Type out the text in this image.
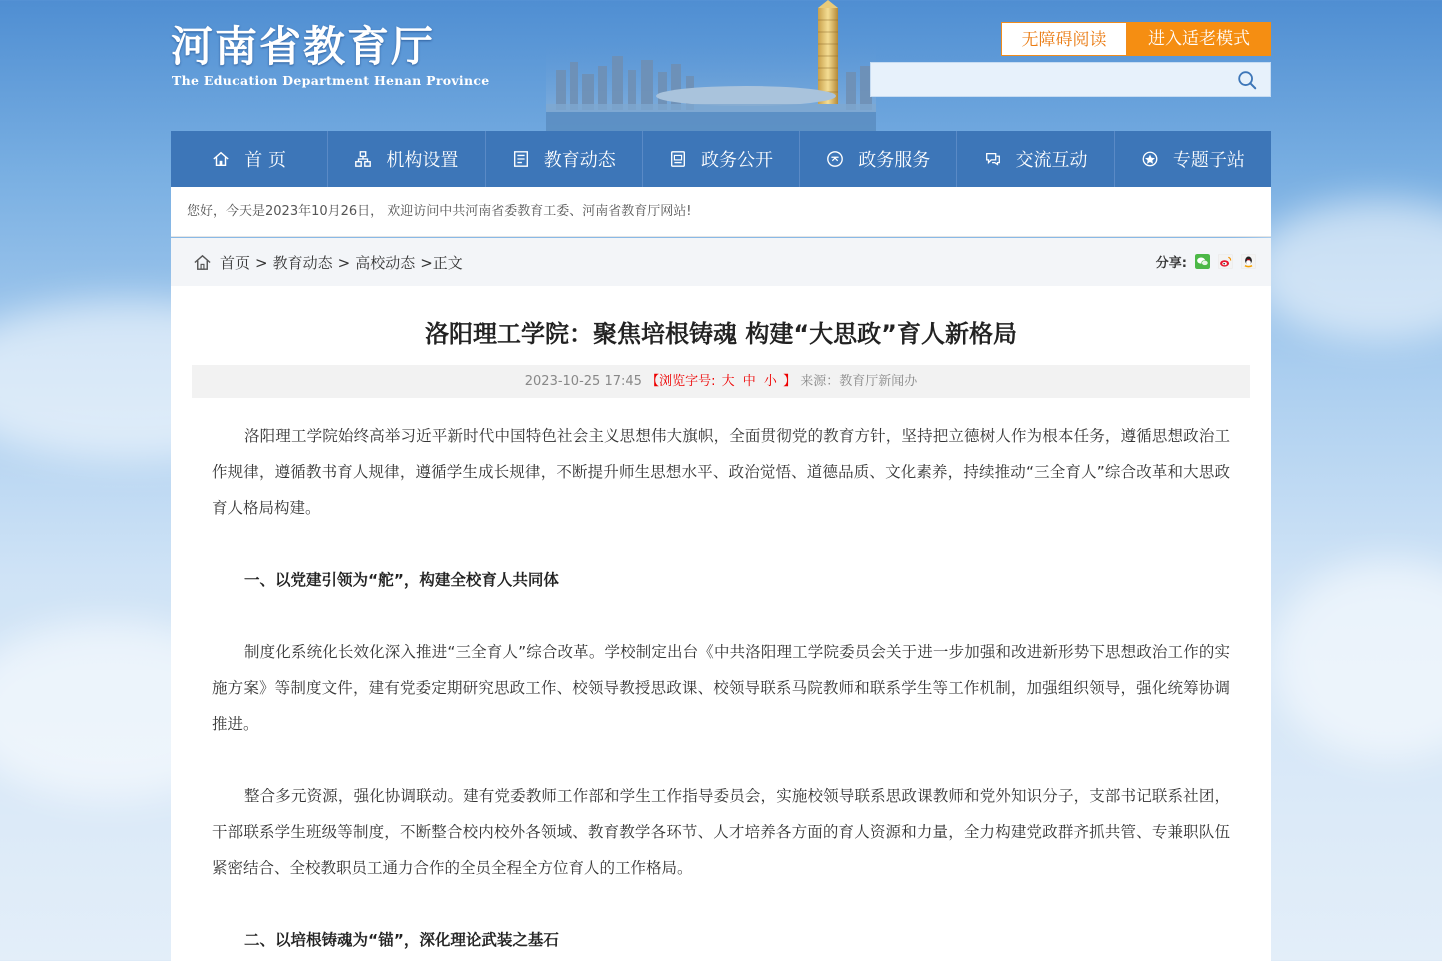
河南省教育厅
The Education Department Henan Province
无障碍阅读	进入适老模式
首 页	机构设置	教育动态	政务公开	政务服务	交流互动	专题子站
您好，今天是2023年10月26日， 欢迎访问中共河南省委教育工委、河南省教育厅网站!
首页 > 教育动态 > 高校动态 > 正文	分享:
洛阳理工学院：聚焦培根铸魂 构建“大思政”育人新格局
2023-10-25 17:45 【浏览字号: 大 中 小 】 来源：教育厅新闻办

洛阳理工学院始终高举习近平新时代中国特色社会主义思想伟大旗帜，全面贯彻党的教育方针，坚持把立德树人作为根本任务，遵循思想政治工作规律，遵循教书育人规律，遵循学生成长规律，不断提升师生思想水平、政治觉悟、道德品质、文化素养，持续推动“三全育人”综合改革和大思政育人格局构建。

一、以党建引领为“舵”，构建全校育人共同体

制度化系统化长效化深入推进“三全育人”综合改革。学校制定出台《中共洛阳理工学院委员会关于进一步加强和改进新形势下思想政治工作的实施方案》等制度文件，建有党委定期研究思政工作、校领导教授思政课、校领导联系马院教师和联系学生等工作机制，加强组织领导，强化统筹协调推进。

整合多元资源，强化协调联动。建有党委教师工作部和学生工作指导委员会，实施校领导联系思政课教师和党外知识分子，支部书记联系社团，干部联系学生班级等制度，不断整合校内校外各领域、教育教学各环节、人才培养各方面的育人资源和力量，全力构建党政群齐抓共管、专兼职队伍紧密结合、全校教职员工通力合作的全员全程全方位育人的工作格局。

二、以培根铸魂为“锚”，深化理论武装之基石
